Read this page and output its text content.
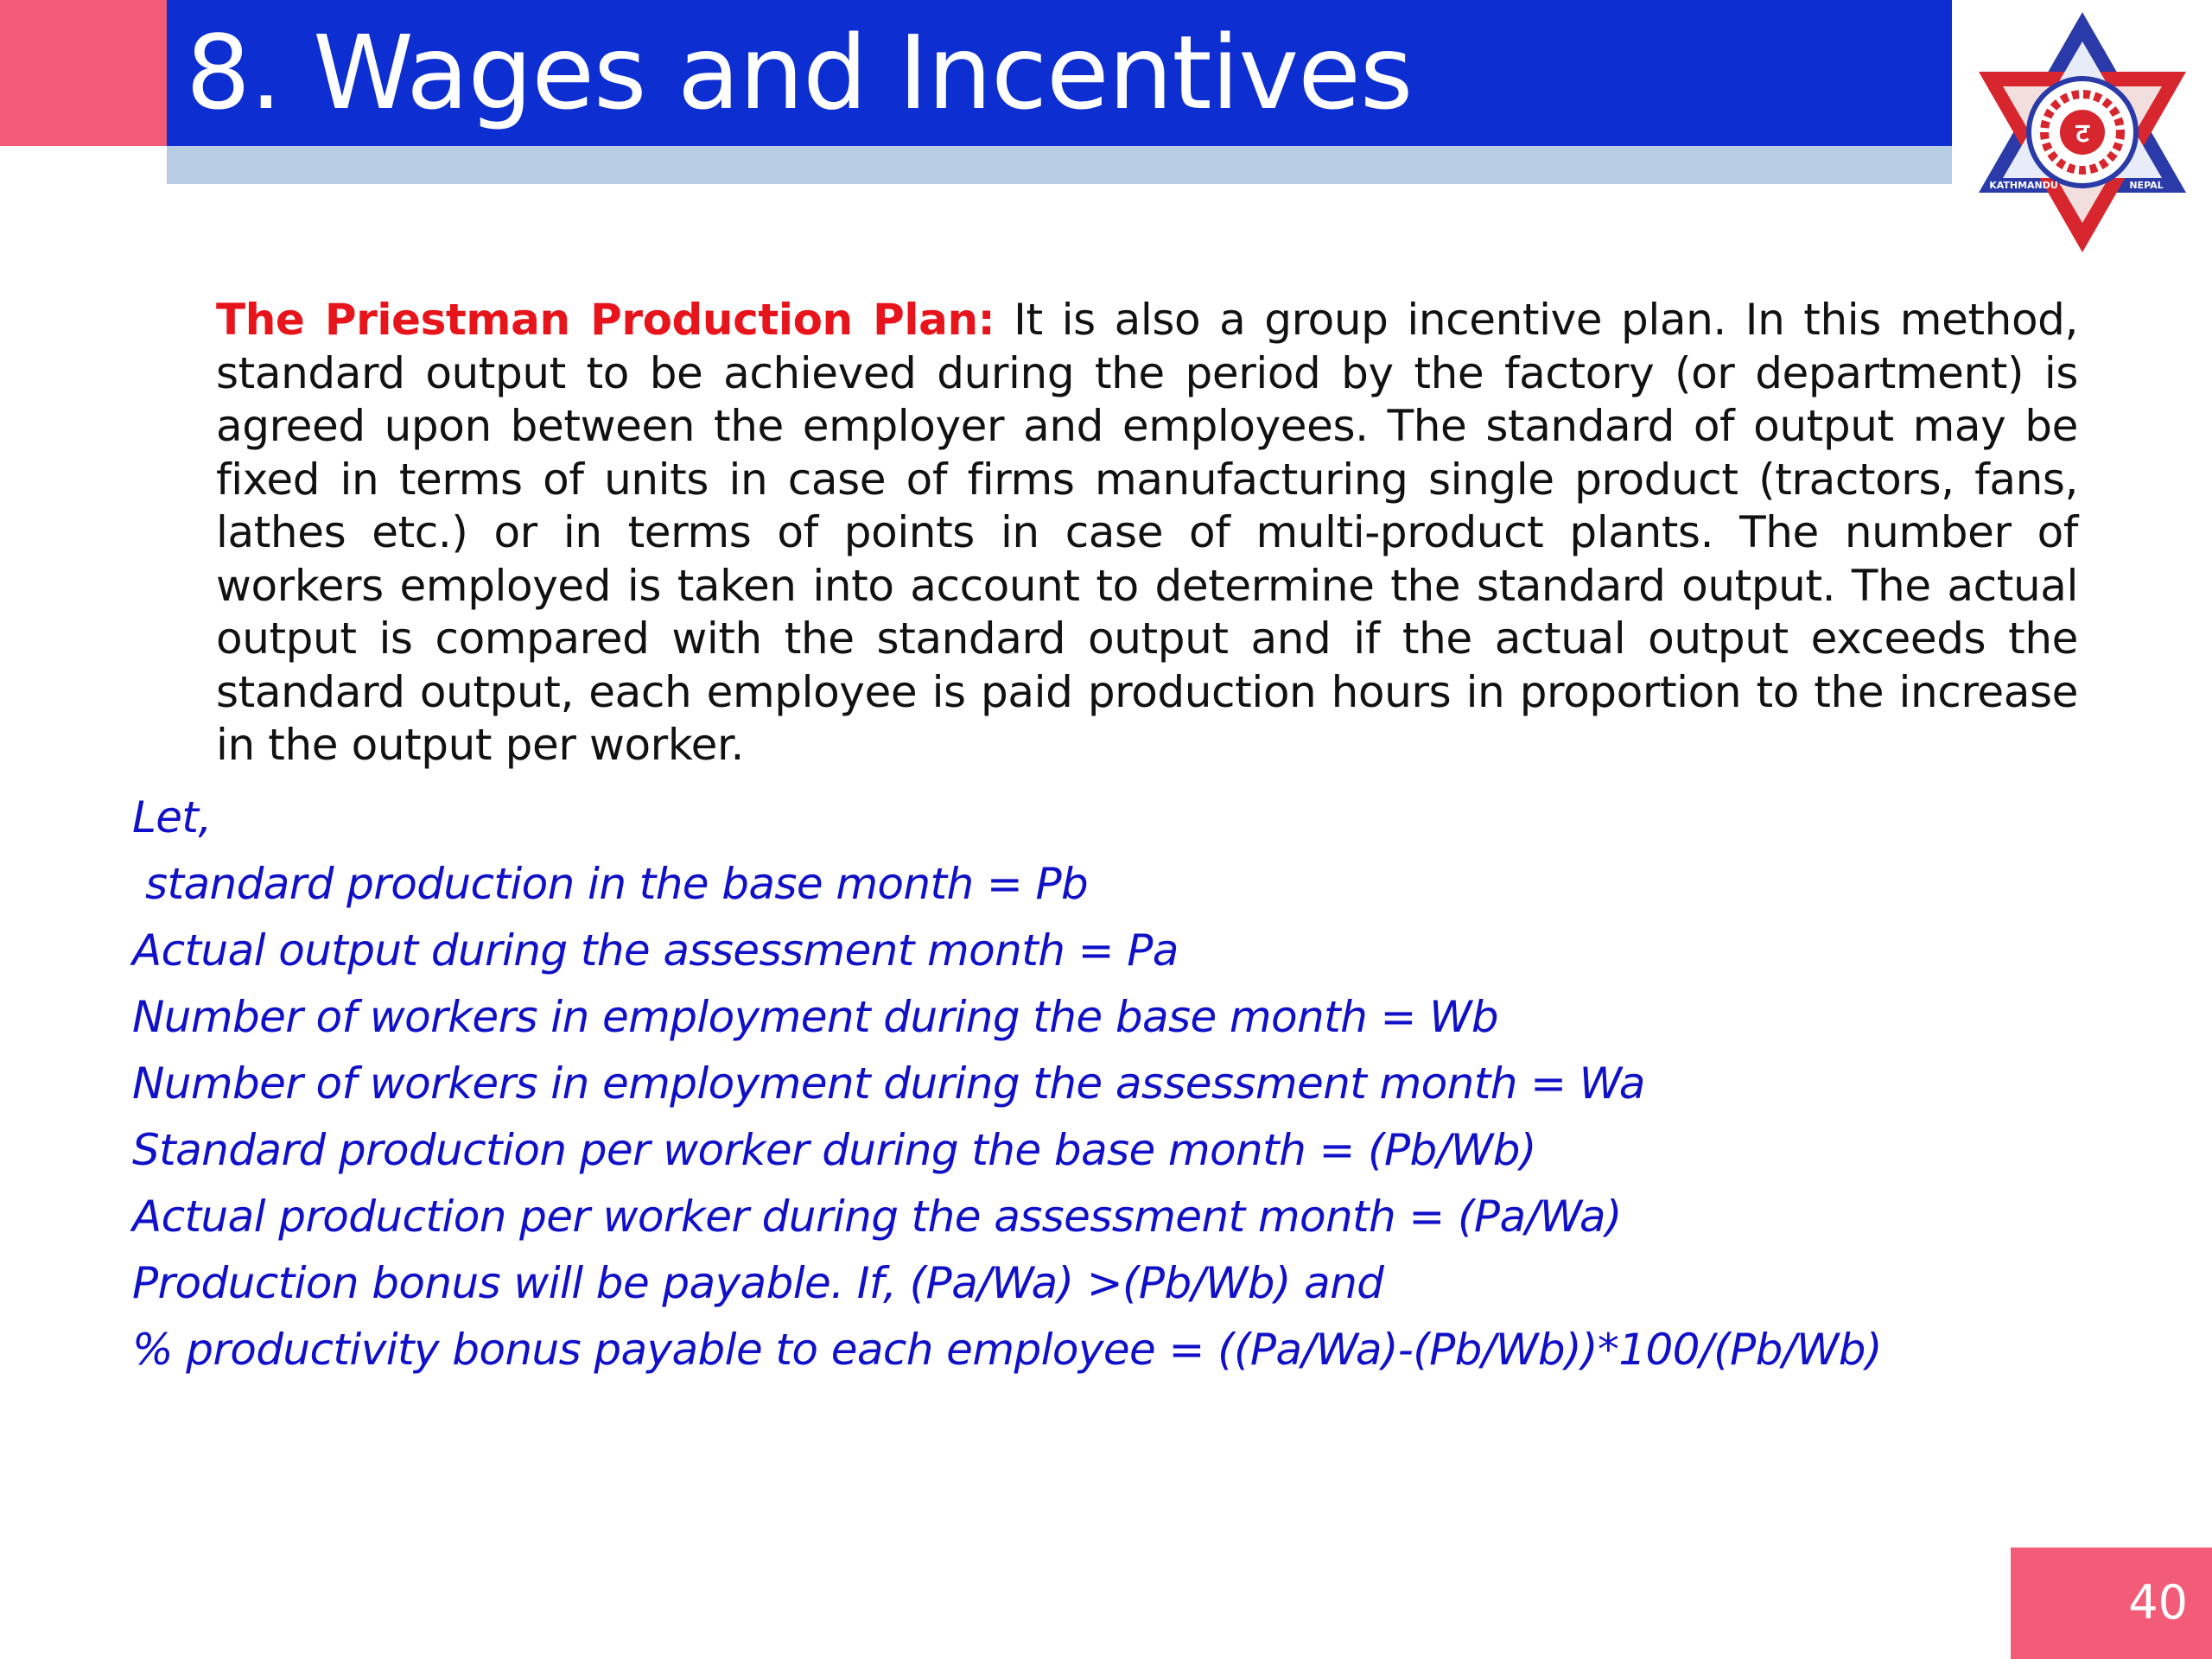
8. Wages and Incentives
ट
KATHMANDU	NEPAL

The Priestman Production Plan: It is also a group incentive plan. In this method, standard output to be achieved during the period by the factory (or department) is agreed upon between the employer and employees. The standard of output may be fixed in terms of units in case of firms manufacturing single product (tractors, fans, lathes etc.) or in terms of points in case of multi-product plants. The number of workers employed is taken into account to determine the standard output. The actual output is compared with the standard output and if the actual output exceeds the standard output, each employee is paid production hours in proportion to the increase in the output per worker.

Let,

standard production in the base month = Pb

Actual output during the assessment month = Pa

Number of workers in employment during the base month = Wb

Number of workers in employment during the assessment month = Wa

Standard production per worker during the base month = (Pb/Wb)

Actual production per worker during the assessment month = (Pa/Wa)

Production bonus will be payable. If, (Pa/Wa) >(Pb/Wb) and

% productivity bonus payable to each employee = ((Pa/Wa)-(Pb/Wb))*100/(Pb/Wb)

40
